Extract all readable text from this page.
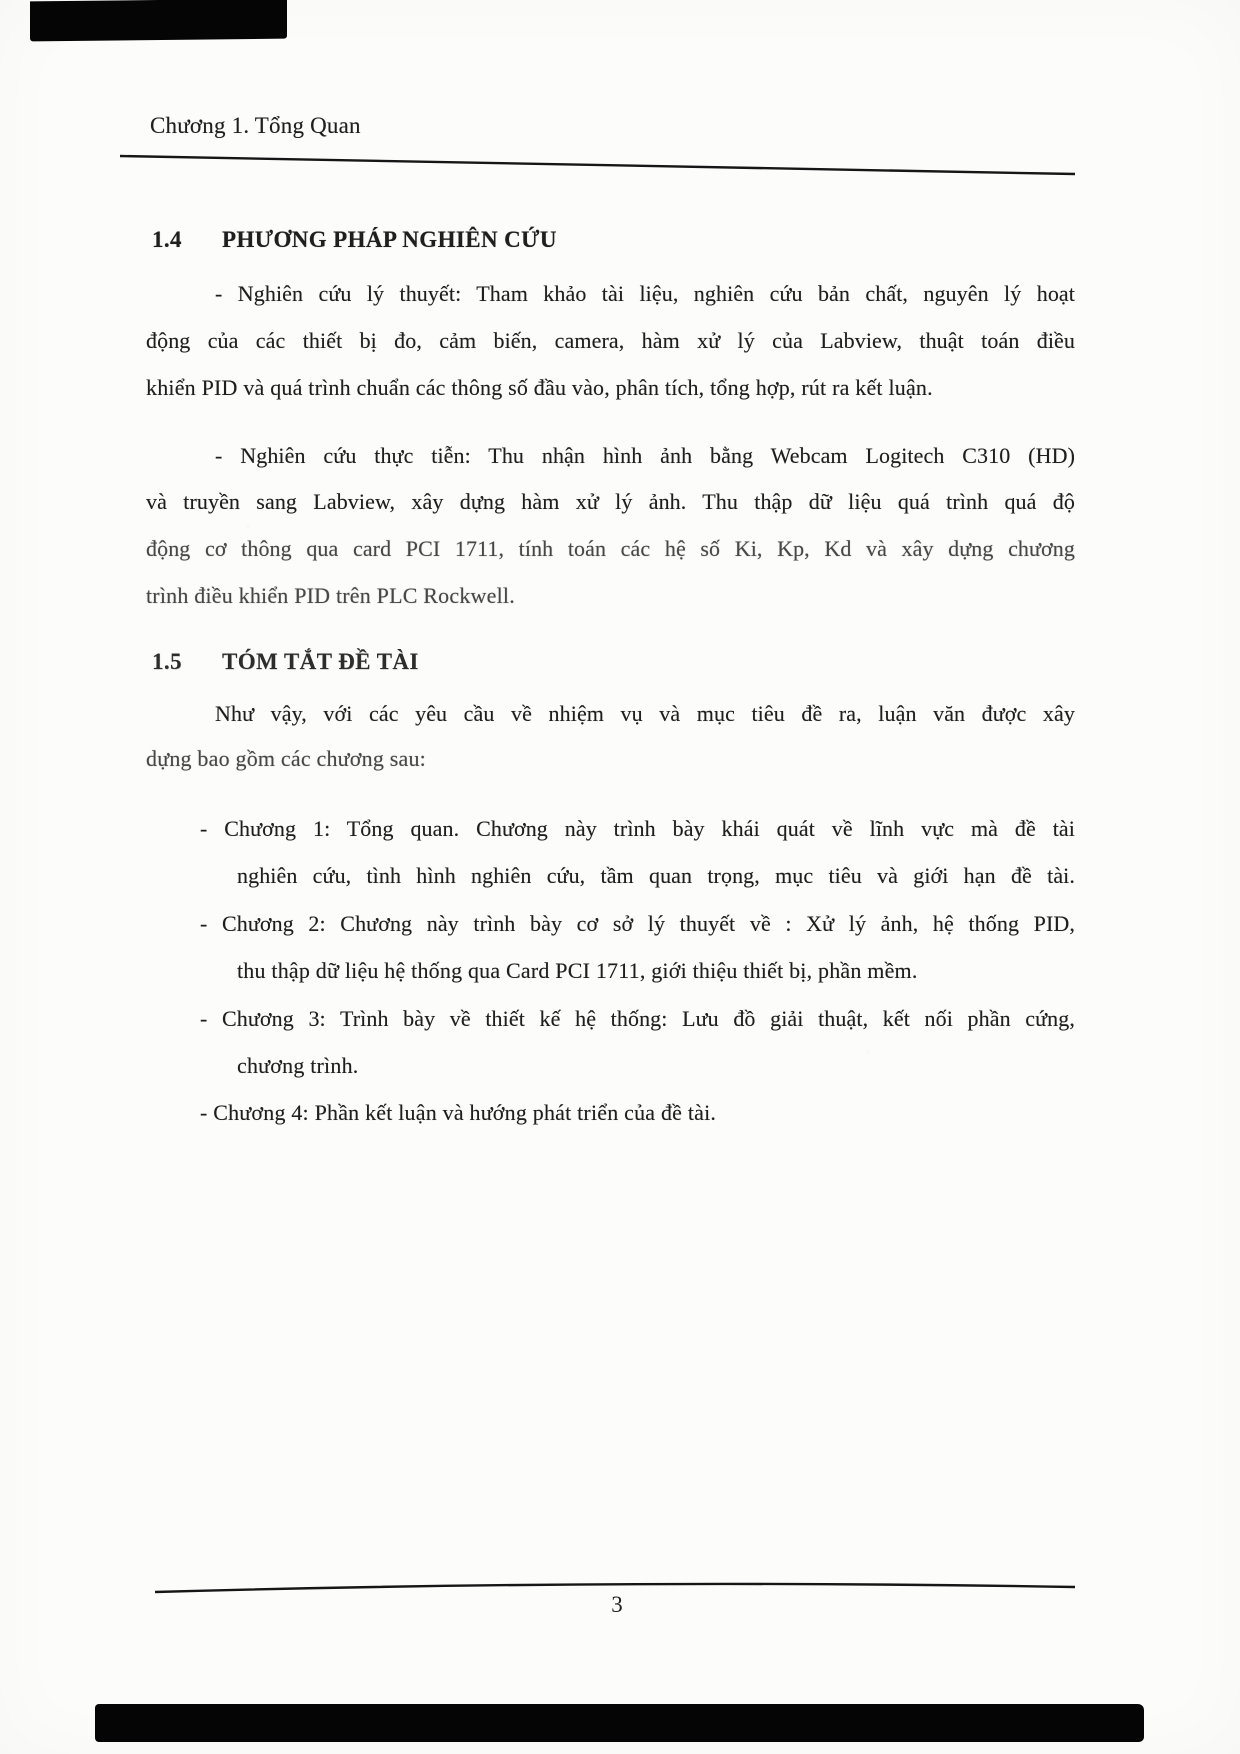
Chương 1. Tổng Quan
1.4 PHƯƠNG PHÁP NGHIÊN CỨU
- Nghiên cứu lý thuyết: Tham khảo tài liệu, nghiên cứu bản chất, nguyên lý hoạt
động của các thiết bị đo, cảm biến, camera, hàm xử lý của Labview, thuật toán điều
khiển PID và quá trình chuẩn các thông số đầu vào, phân tích, tổng hợp, rút ra kết luận.
- Nghiên cứu thực tiễn: Thu nhận hình ảnh bằng Webcam Logitech C310 (HD)
và truyền sang Labview, xây dựng hàm xử lý ảnh. Thu thập dữ liệu quá trình quá độ
động cơ thông qua card PCI 1711, tính toán các hệ số Ki, Kp, Kd và xây dựng chương
trình điều khiển PID trên PLC Rockwell.
1.5 TÓM TẮT ĐỀ TÀI
Như vậy, với các yêu cầu về nhiệm vụ và mục tiêu đề ra, luận văn được xây
dựng bao gồm các chương sau:
- Chương 1: Tổng quan. Chương này trình bày khái quát về lĩnh vực mà đề tài
nghiên cứu, tình hình nghiên cứu, tầm quan trọng, mục tiêu và giới hạn đề tài.
- Chương 2: Chương này trình bày cơ sở lý thuyết về : Xử lý ảnh, hệ thống PID,
thu thập dữ liệu hệ thống qua Card PCI 1711, giới thiệu thiết bị, phần mềm.
- Chương 3: Trình bày về thiết kế hệ thống: Lưu đồ giải thuật, kết nối phần cứng,
chương trình.
- Chương 4: Phần kết luận và hướng phát triển của đề tài.
3
